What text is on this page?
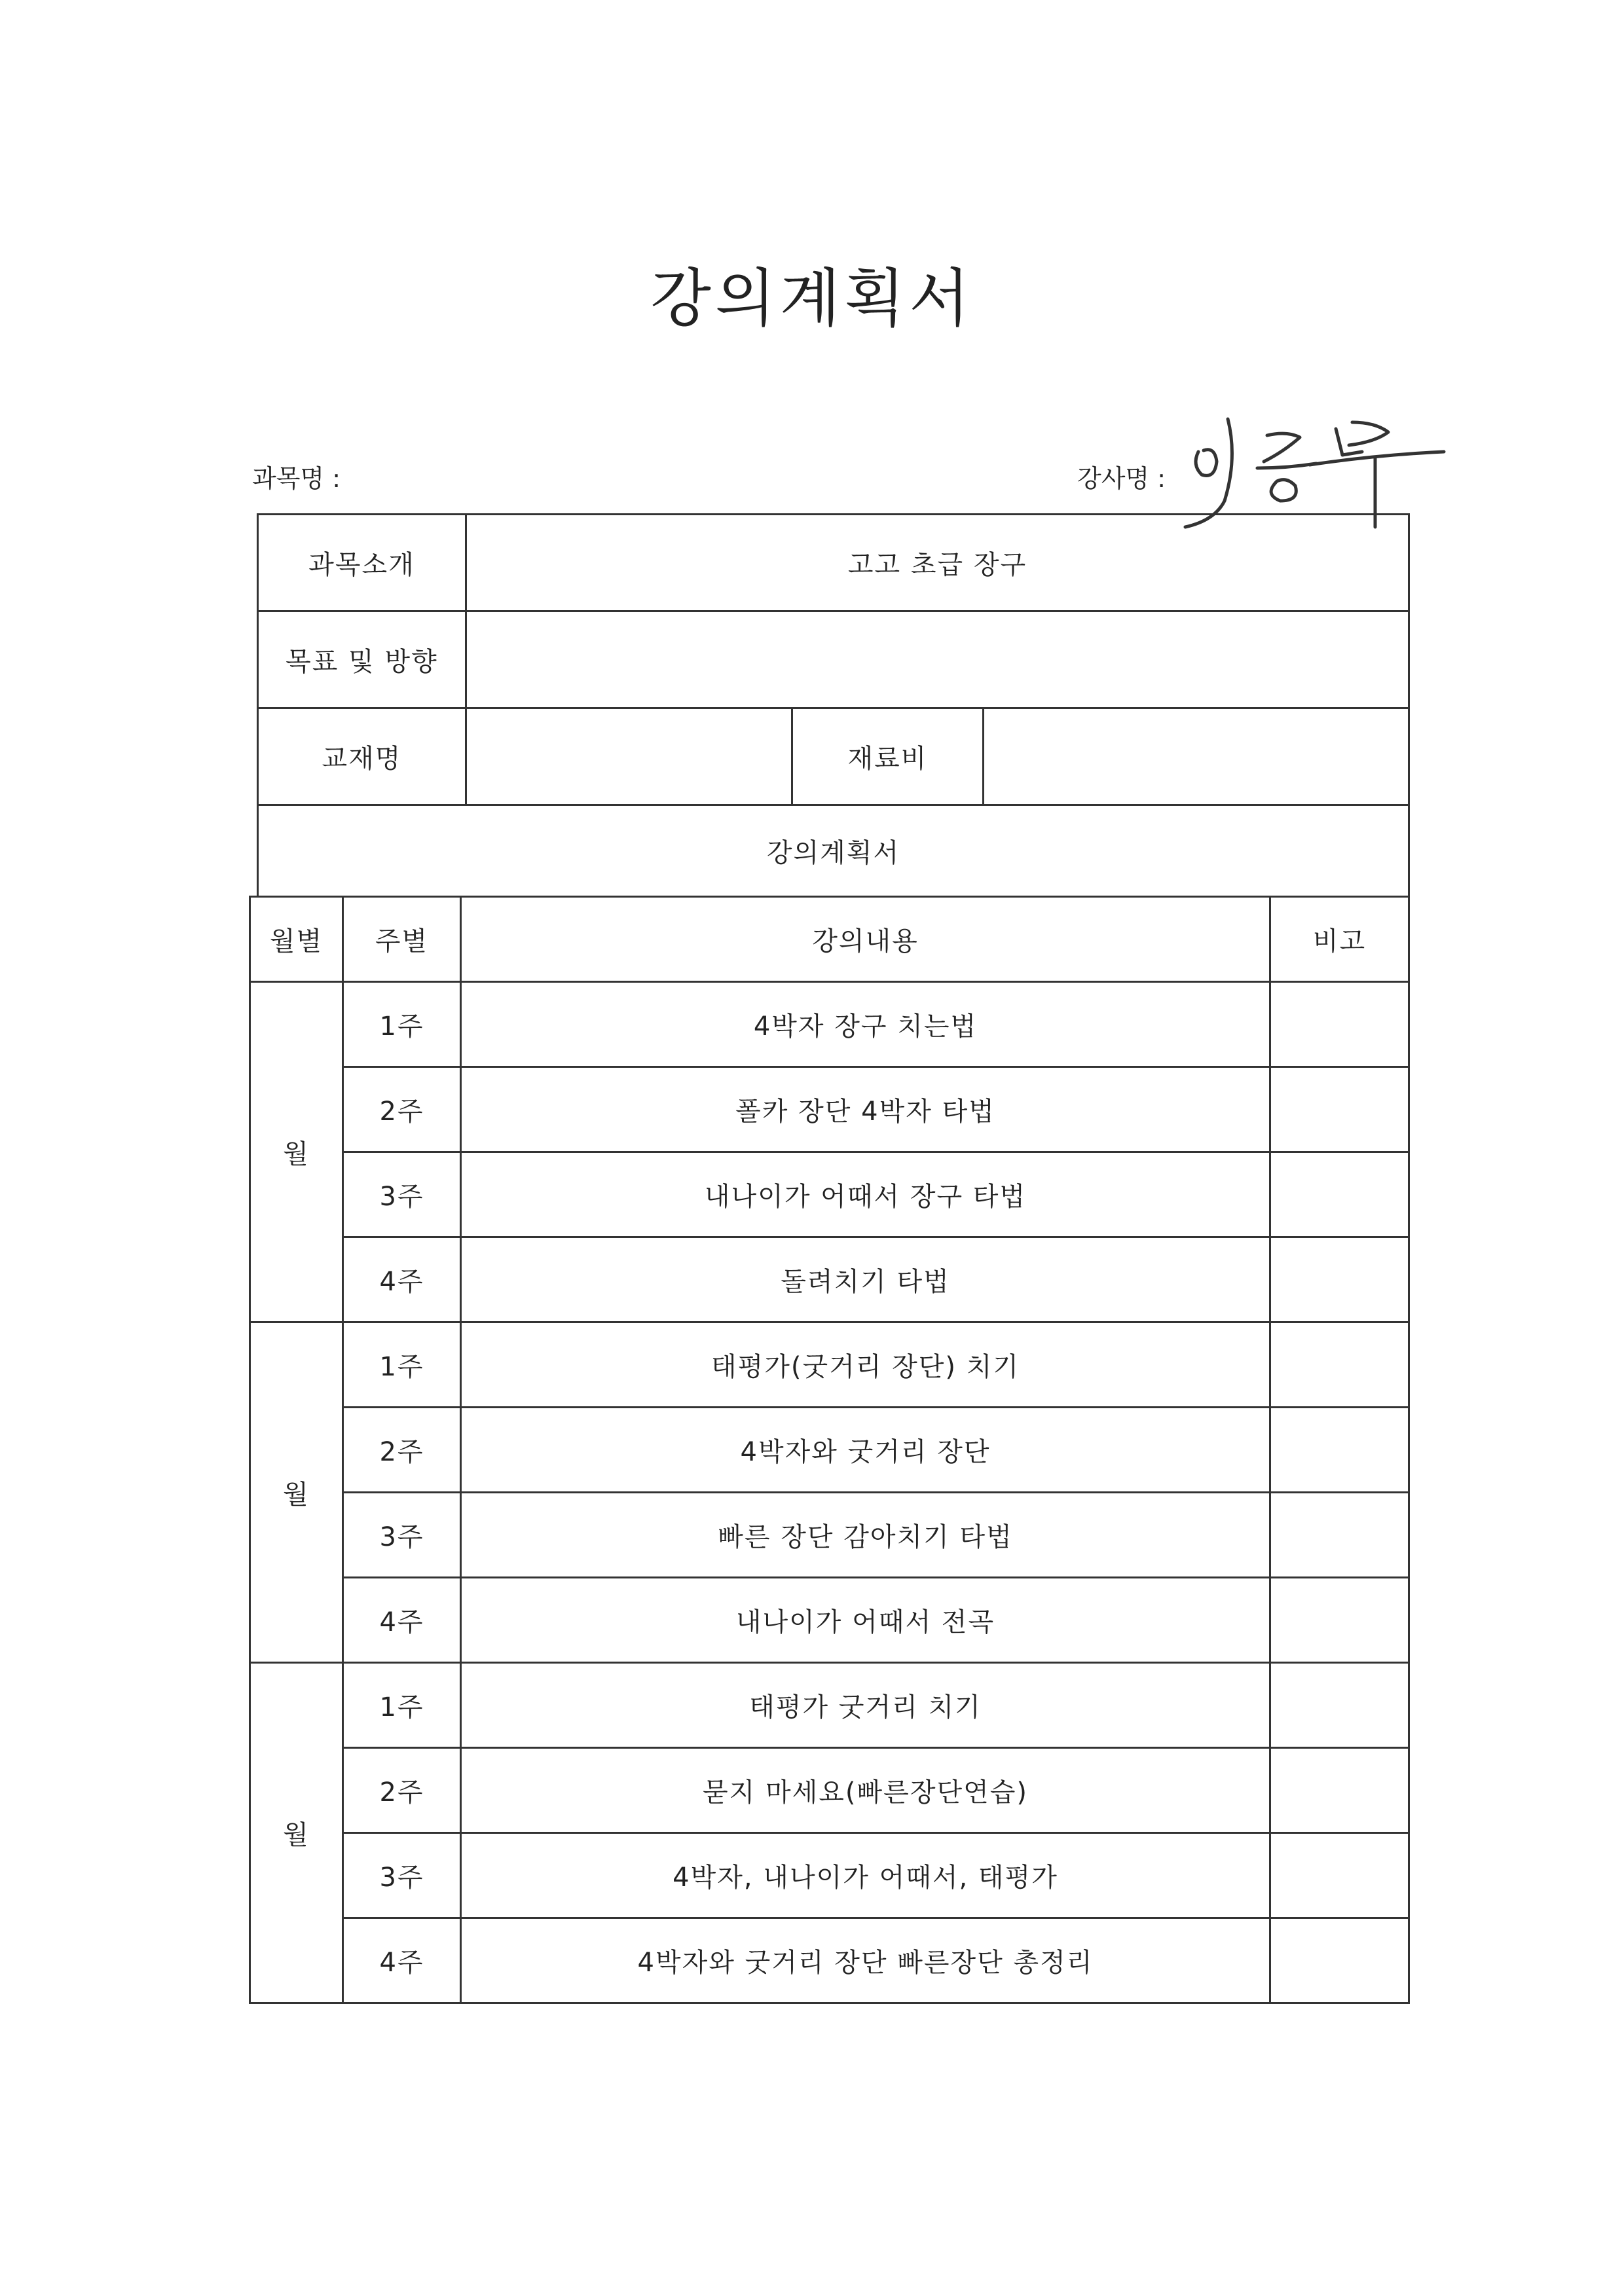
강의계획서
과목명 :	강사명 :
과목소개	고고 초급 장구		
목표 및 방향			
교재명		재료비	
강의계획서			
월별	주별	강의내용	비고
월	1주	4박자 장구 치는법	
	2주	폴카 장단 4박자 타법	
	3주	내나이가 어때서 장구 타법	
	4주	돌려치기 타법	
월	1주	태평가(굿거리 장단) 치기	
	2주	4박자와 굿거리 장단	
	3주	빠른 장단 감아치기 타법	
	4주	내나이가 어때서 전곡	
월	1주	태평가 굿거리 치기	
	2주	묻지 마세요(빠른장단연습)	
	3주	4박자, 내나이가 어때서, 태평가	
	4주	4박자와 굿거리 장단 빠른장단 총정리	
